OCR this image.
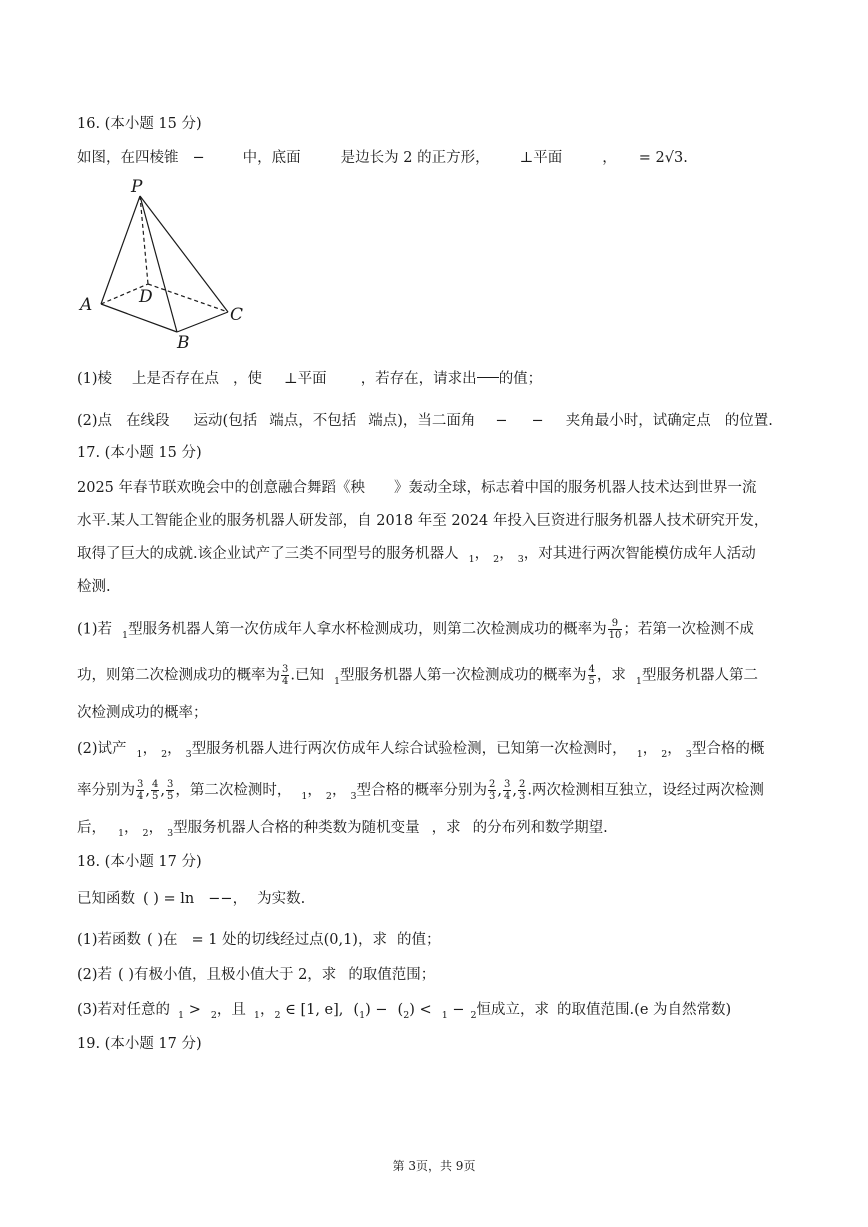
16. (本小题 15 分)
如图，在四棱锥 −	中，底面	是边长为 2 的正方形， ⊥平面	， = 2√3.
P
A	D
C
B
(1)棱 上是否存在点 ，使 ⊥平面 ，若存在，请求出 的值；
(2)点 在线段 运动(包括 端点，不包括 端点)，当二面角 − − 夹角最小时，试确定点 的位置.
17. (本小题 15 分)
2025 年春节联欢晚会中的创意融合舞蹈《秧　　》轰动全球，标志着中国的服务机器人技术达到世界一流
水平.某人工智能企业的服务机器人研发部，自 2018 年至 2024 年投入巨资进行服务机器人技术研究开发，
取得了巨大的成就.该企业试产了三类不同型号的服务机器人 $_1$， $_2$， $_3$，对其进行两次智能模仿成年人活动
检测.
(1)若 $_1$型服务机器人第一次仿成年人拿水杯检测成功，则第二次检测成功的概率为 $\frac{9}{10}$ ；若第一次检测不成
功，则第二次检测成功的概率为 $\frac{3}{4}$ .已知 $_1$型服务机器人第一次检测成功的概率为 $\frac{4}{5}$ ，求 $_1$型服务机器人第二
次检测成功的概率；
(2)试产 $_1$， $_2$， $_3$型服务机器人进行两次仿成年人综合试验检测，已知第一次检测时， $_1$， $_2$， $_3$型合格的概
率分别为 $\frac{3}{4}$ , $\frac{4}{5}$ , $\frac{3}{5}$ ，第二次检测时， $_1$， $_2$， $_3$型合格的概率分别为 $\frac{2}{3}$ , $\frac{3}{4}$ , $\frac{2}{3}$ .两次检测相互独立，设经过两次检测
后， $_1$， $_2$， $_3$型服务机器人合格的种类数为随机变量 ，求 的分布列和数学期望.
18. (本小题 17 分)
已知函数 ( ) = ln −−， 为实数.
(1)若函数 ( )在 = 1 处的切线经过点(0,1)，求 的值；
(2)若 ( )有极小值，且极小值大于 2，求 的取值范围；
(3)若对任意的 $_1$ > $_2$，且 $_1$，$_2$ ∈ [1, e], $(_1) - (_2) < _1 - _2$恒成立，求 的取值范围.(e 为自然常数)
19. (本小题 17 分)
第 3页，共 9页
